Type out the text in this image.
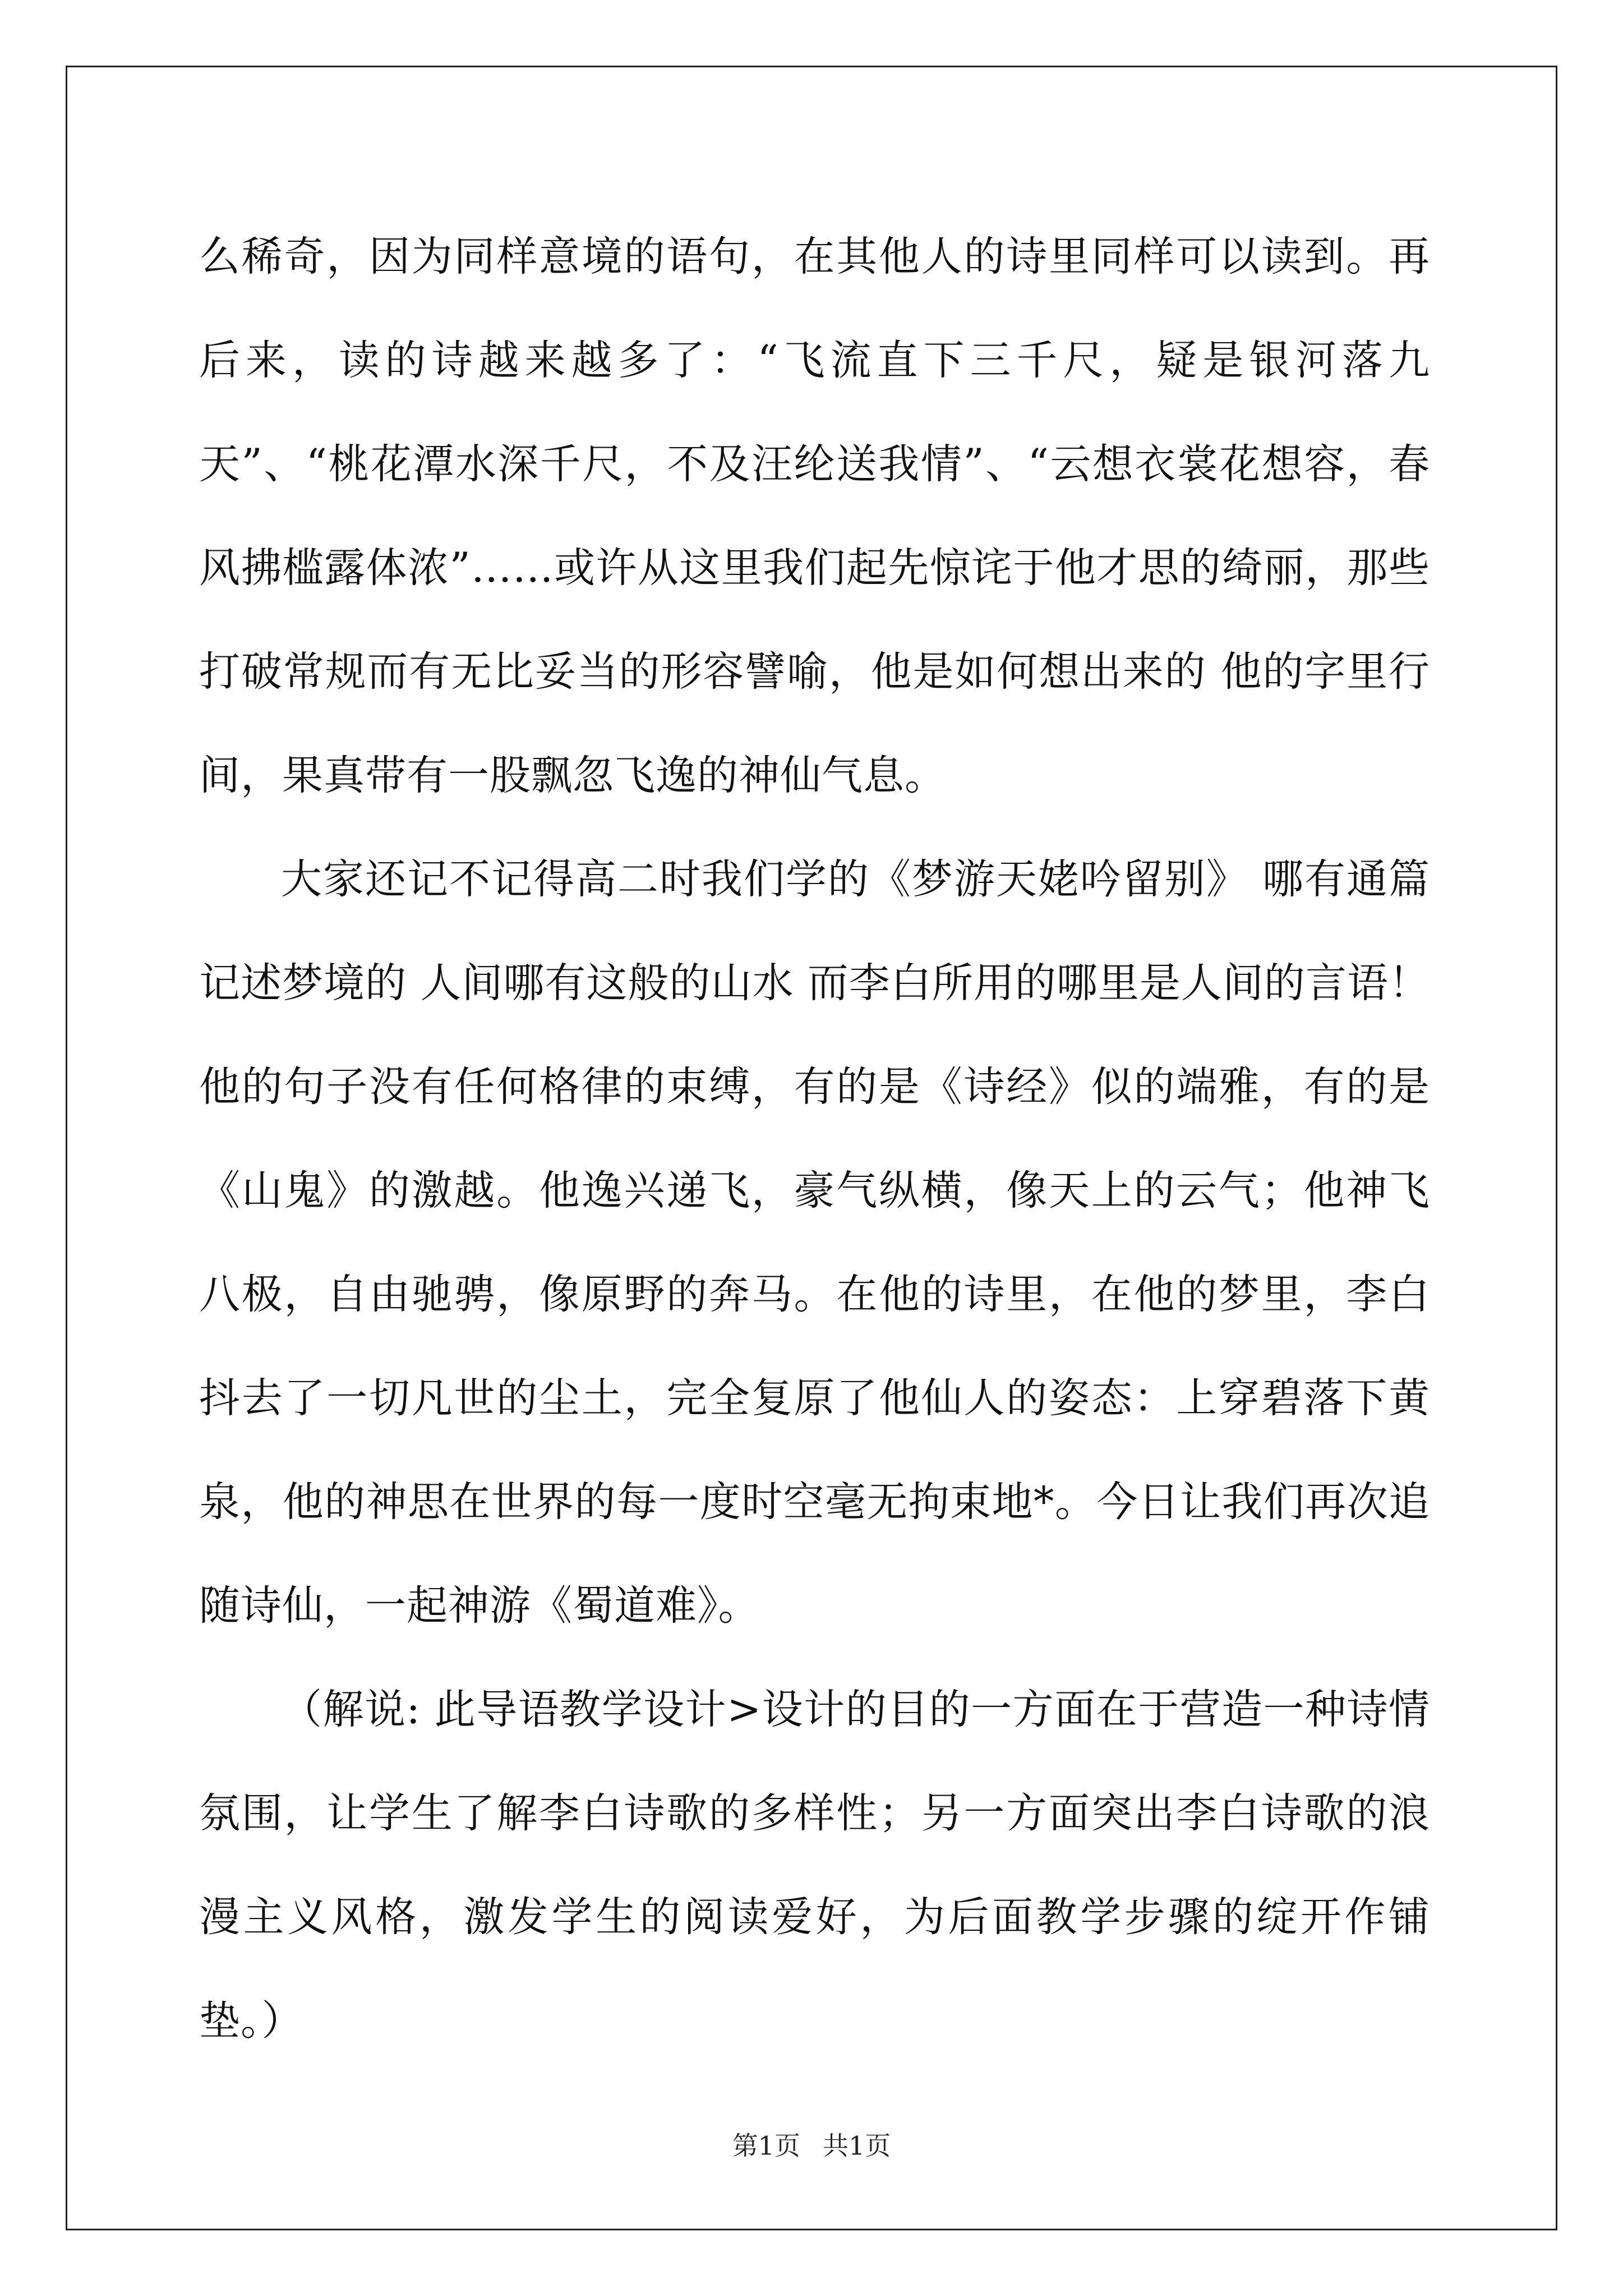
么稀奇，因为同样意境的语句，在其他人的诗里同样可以读到。再后来，读的诗越来越多了：“飞流直下三千尺，疑是银河落九天”、“桃花潭水深千尺，不及汪纶送我情”、“云想衣裳花想容，春风拂槛露体浓”……或许从这里我们起先惊诧于他才思的绮丽，那些打破常规而有无比妥当的形容譬喻，他是如何想出来的 他的字里行间，果真带有一股飘忽飞逸的神仙气息。

大家还记不记得高二时我们学的《梦游天姥吟留别》 哪有通篇记述梦境的 人间哪有这般的山水 而李白所用的哪里是人间的言语！他的句子没有任何格律的束缚，有的是《诗经》似的端雅，有的是《山鬼》的激越。他逸兴递飞，豪气纵横，像天上的云气；他神飞八极，自由驰骋，像原野的奔马。在他的诗里，在他的梦里，李白抖去了一切凡世的尘土，完全复原了他仙人的姿态：上穿碧落下黄泉，他的神思在世界的每一度时空毫无拘束地*。今日让我们再次追随诗仙，一起神游《蜀道难》。

（解说: 此导语教学设计>设计的目的一方面在于营造一种诗情氛围，让学生了解李白诗歌的多样性；另一方面突出李白诗歌的浪漫主义风格，激发学生的阅读爱好，为后面教学步骤的绽开作铺垫。）

第1页 共1页
